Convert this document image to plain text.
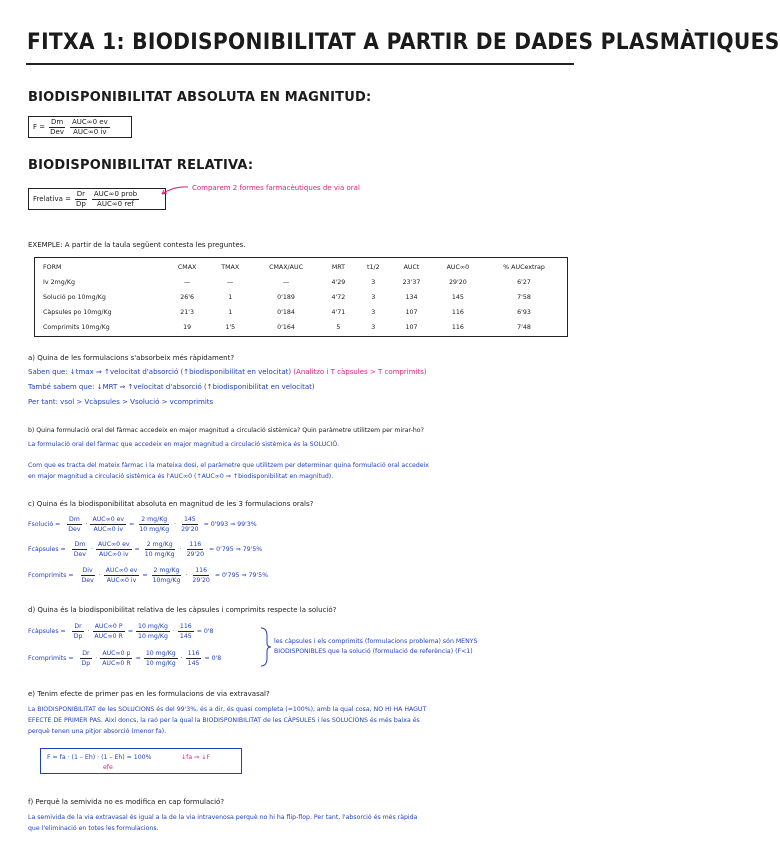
FITXA 1: BIODISPONIBILITAT A PARTIR DE DADES PLASMÀTIQUES
BIODISPONIBILITAT ABSOLUTA EN MAGNITUD:
$F = \frac{Dm}{\text{Dev}} \frac{\text{AUC∞0 ev}}{\text{AUC∞0 iv}}$
BIODISPONIBILITAT RELATIVA:
Frelativa = $\frac{Dr}{Dp} \frac{\text{AUC∞0 prob}}{\text{AUC∞0 ref}}$
Comparem 2 formes farmacèutiques de via oral
EXEMPLE: A partir de la taula següent contesta les preguntes.
FORM	CMAX	TMAX	CMAX/AUC	MRT	t1/2	AUCt	AUC∞0	% AUCextrap
Iv 2mg/Kg	—	—	—	4'29	3	23'37	29'20	6'27
Solució po 10mg/Kg	26'6	1	0'189	4'72	3	134	145	7'58
Càpsules po 10mg/Kg	21'3	1	0'184	4'71	3	107	116	6'93
Comprimits 10mg/Kg	19	1'5	0'164	5	3	107	116	7'48
a) Quina de les formulacions s'absorbeix més ràpidament?
Saben que: ↓tmax ⇒ ↑velocitat d'absorció (↑biodisponibilitat en velocitat) (Analitzo i T càpsules > T comprimits)
També sabem que: ↓MRT ⇒ ↑velocitat d'absorció (↑biodisponibilitat en velocitat)
Per tant: vsol > Vcàpsules > Vsolució > vcomprimits
b) Quina formulació oral del fàrmac accedeix en major magnitud a circulació sistèmica? Quin paràmetre utilitzem per mirar-ho?
La formulació oral del fàrmac que accedeix en major magnitud a circulació sistèmica és la SOLUCIÓ.
Com que es tracta del mateix fàrmac i la mateixa dosi, el paràmetre que utilitzem per determinar quina formulació oral accedeix
en major magnitud a circulació sistèmica és l'AUC∞0 (↑AUC∞0 ⇒ ↑biodisponibilitat en magnitud).
c) Quina és la biodisponibilitat absoluta en magnitud de les 3 formulacions orals?
Fsolució = $\frac{Dm}{\text{Dev}} \cdot \frac{\text{AUC∞0 ev}}{\text{AUC∞0 iv}} = \frac{2 mg/Kg}{10 mg/Kg} \cdot \frac{145}{29'20} = 0'993$ ⇒ 99'3%
Fcàpsules = $\frac{Dm}{\text{Dev}} \cdot \frac{\text{AUC∞0 ev}}{\text{AUC∞0 iv}} = \frac{2 mg/Kg}{10 mg/Kg} \cdot \frac{116}{29'20} = 0'795$ ⇒ 79'5%
Fcomprimits = $\frac{\text{Div}}{\text{Dev}} \cdot \frac{\text{AUC∞0 ev}}{\text{AUC∞0 iv}} = \frac{2 mg/Kg}{10mg/Kg} \cdot \frac{116}{29'20} = 0'795$ ⇒ 79'5%
d) Quina és la biodisponibilitat relativa de les càpsules i comprimits respecte la solució?
Fcàpsules = $\frac{Dr}{Dp} \cdot \frac{\text{AUC∞0 P}}{\text{AUC∞0 R}} = \frac{10 mg/Kg}{10 mg/Kg} \cdot \frac{116}{145} = 0'8$
Fcomprimits = $\frac{Dr}{Dp} \cdot \frac{\text{AUC∞0 p}}{\text{AUC∞0 R}} = \frac{10 mg/Kg}{10 mg/Kg} \cdot \frac{116}{145} = 0'8$
les càpsules i els comprimits (formulacions problema) són MENYS
BIODISPONIBLES que la solució (formulació de referència) (F<1)
e) Tenim efecte de primer pas en les formulacions de via extravasal?
La BIODISPONIBILITAT de les SOLUCIONS és del 99'3%, és a dir, és quasi completa (≈100%), amb la qual cosa, NO HI HA HAGUT
EFECTE DE PRIMER PAS. Així doncs, la raó per la qual la BIODISPONIBILITAT de les CÀPSULES i les SOLUCIONS és més baixa és
perquè tenen una pitjor absorció (menor fa).
F = fa · (1 – Eh) · (1 – Eh) = 100%
efe
↓fa ⇒ ↓F
f) Perquè la semivida no es modifica en cap formulació?
La semivida de la via extravasal és igual a la de la via intravenosa perquè no hi ha flip-flop. Per tant, l'absorció és més ràpida
que l'eliminació en totes les formulacions.
